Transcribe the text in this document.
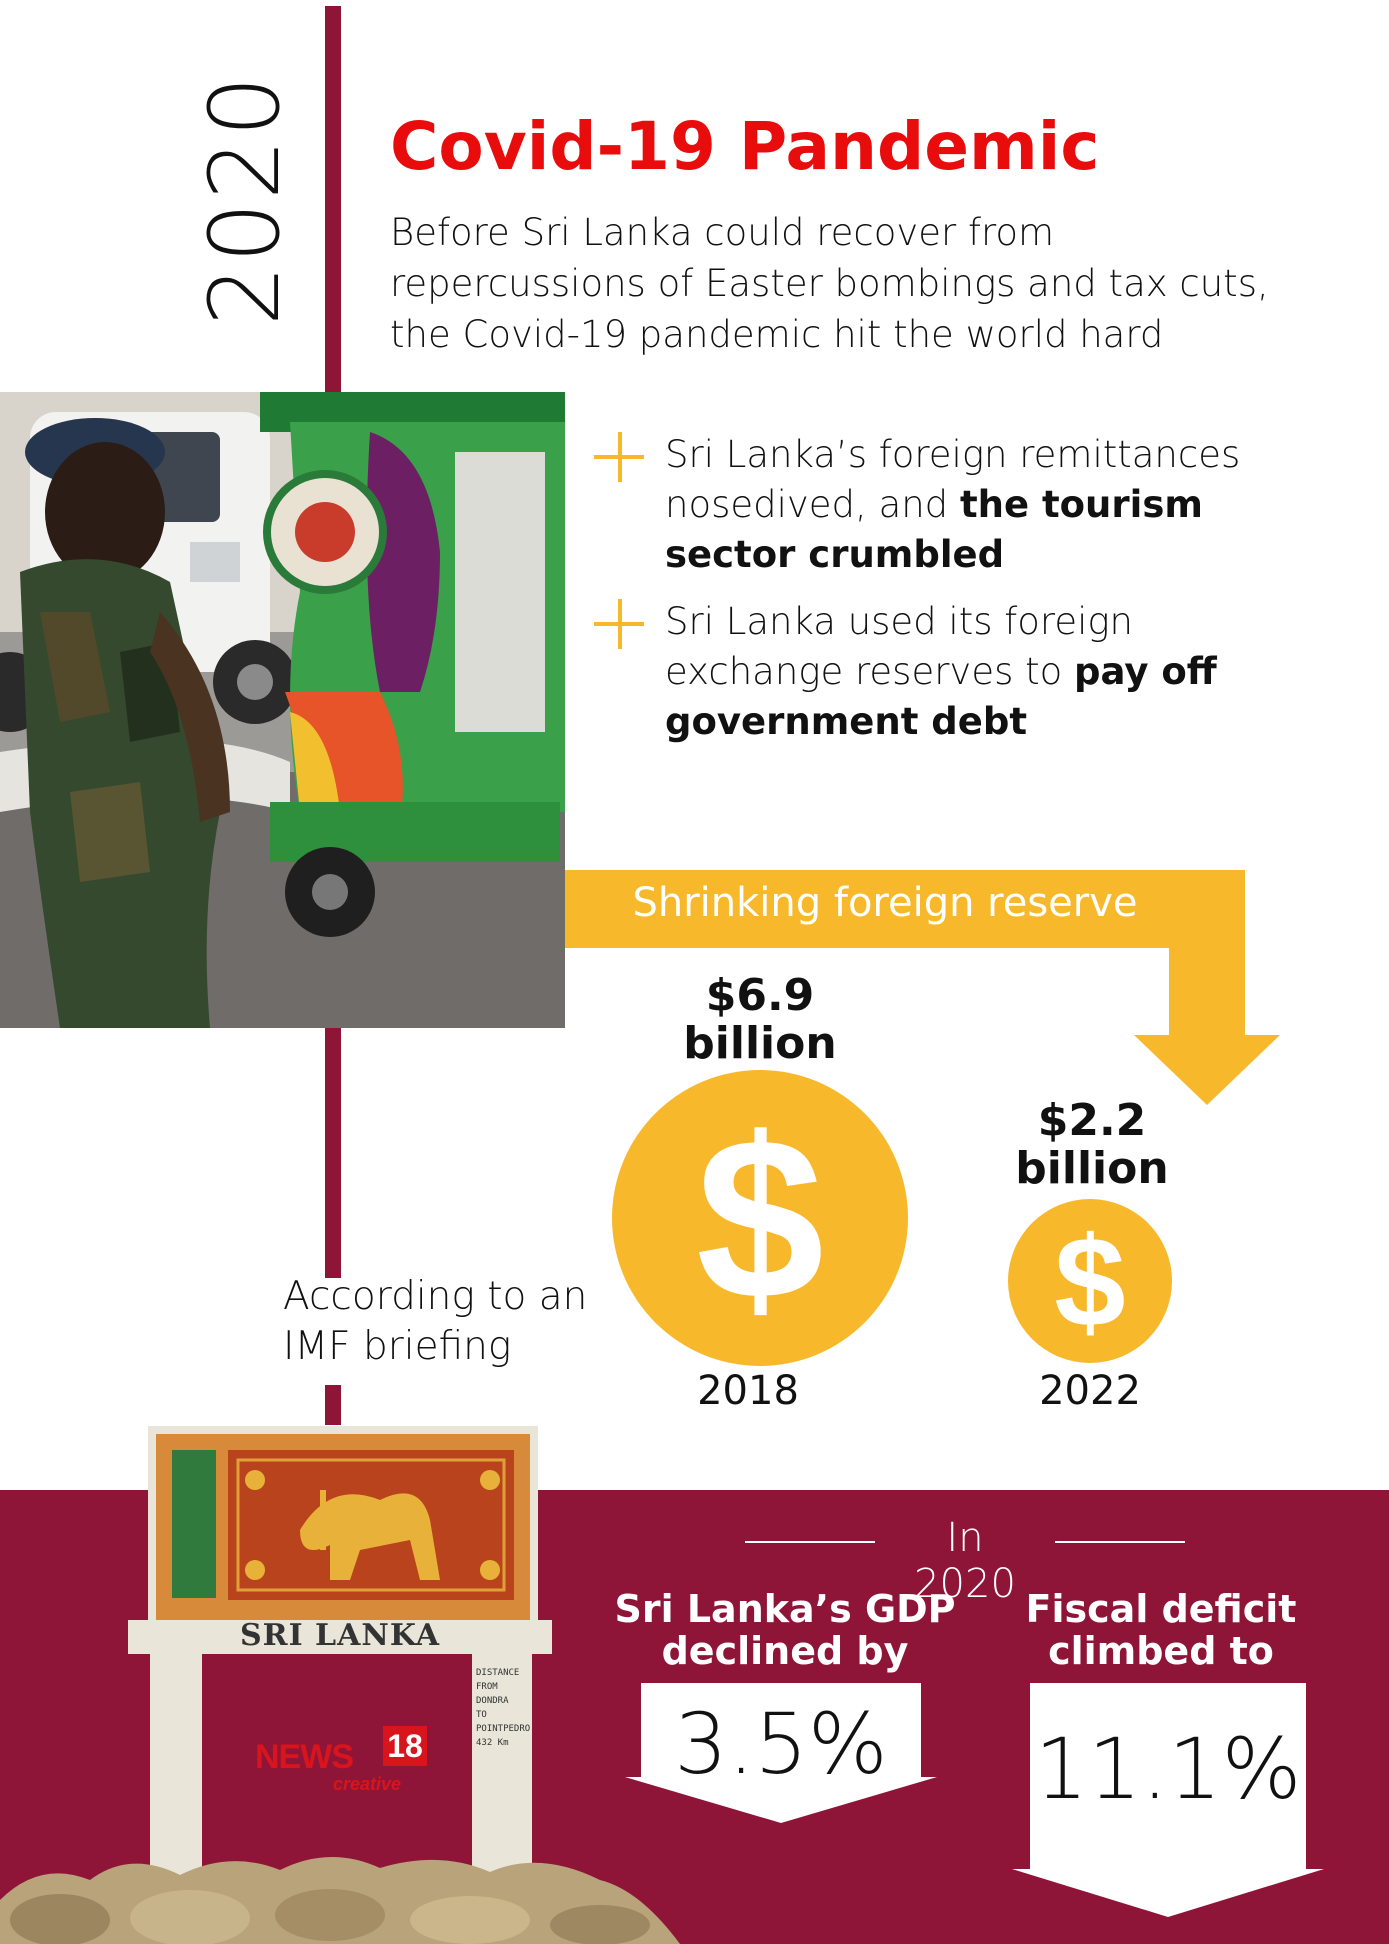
2020 Covid-19 Pandemic
Before Sri Lanka could recover from
repercussions of Easter bombings and tax cuts,
the Covid-19 pandemic hit the world hard
Sri Lanka’s foreign remittances
nosedived, and the tourism
sector crumbled
Sri Lanka used its foreign
exchange reserves to pay off
government debt
Shrinking foreign reserve
$6.9
billion
$
2018
$2.2
billion
$
2022
According to an
IMF briefing
SRI LANKA
DISTANCE
FROM
DONDRA
TO
POINTPEDRO
432 Km
NEWS 18
creative
In 2020
Sri Lanka’s GDP
declined by
3.5%
Fiscal deficit
climbed to
11.1%
